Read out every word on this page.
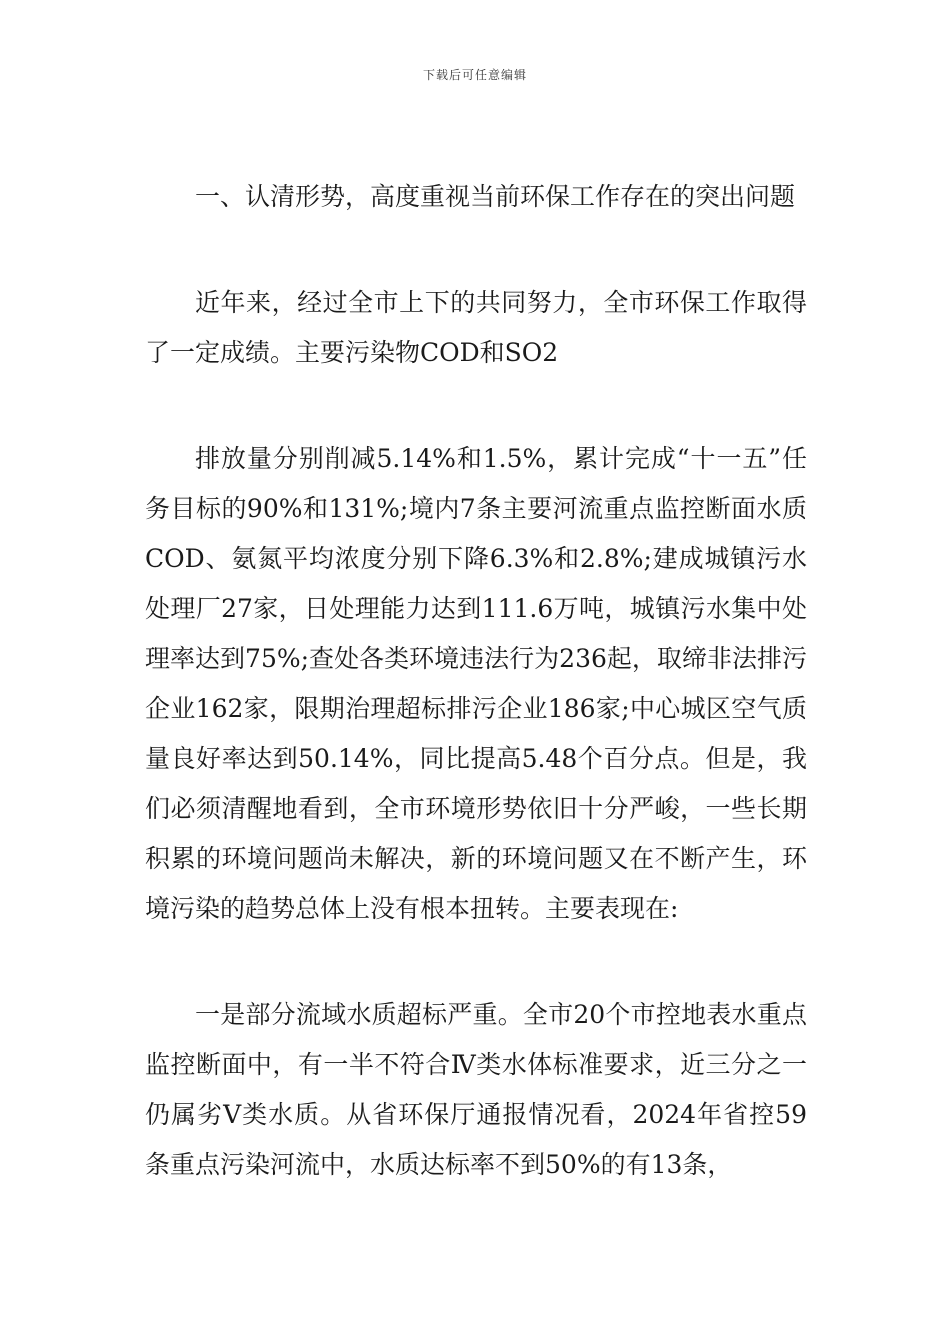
下载后可任意编辑

一、认清形势，高度重视当前环保工作存在的突出问题

近年来，经过全市上下的共同努力，全市环保工作取得了一定成绩。主要污染物COD和SO2

排放量分别削减5.14%和1.5%，累计完成“十一五”任务目标的90%和131%;境内7条主要河流重点监控断面水质COD、氨氮平均浓度分别下降6.3%和2.8%;建成城镇污水处理厂27家，日处理能力达到111.6万吨，城镇污水集中处理率达到75%;查处各类环境违法行为236起，取缔非法排污企业162家，限期治理超标排污企业186家;中心城区空气质量良好率达到50.14%，同比提高5.48个百分点。但是，我们必须清醒地看到，全市环境形势依旧十分严峻，一些长期积累的环境问题尚未解决，新的环境问题又在不断产生，环境污染的趋势总体上没有根本扭转。主要表现在:

一是部分流域水质超标严重。全市20个市控地表水重点监控断面中，有一半不符合Ⅳ类水体标准要求，近三分之一仍属劣Ⅴ类水质。从省环保厅通报情况看，2024年省控59条重点污染河流中，水质达标率不到50%的有13条，
